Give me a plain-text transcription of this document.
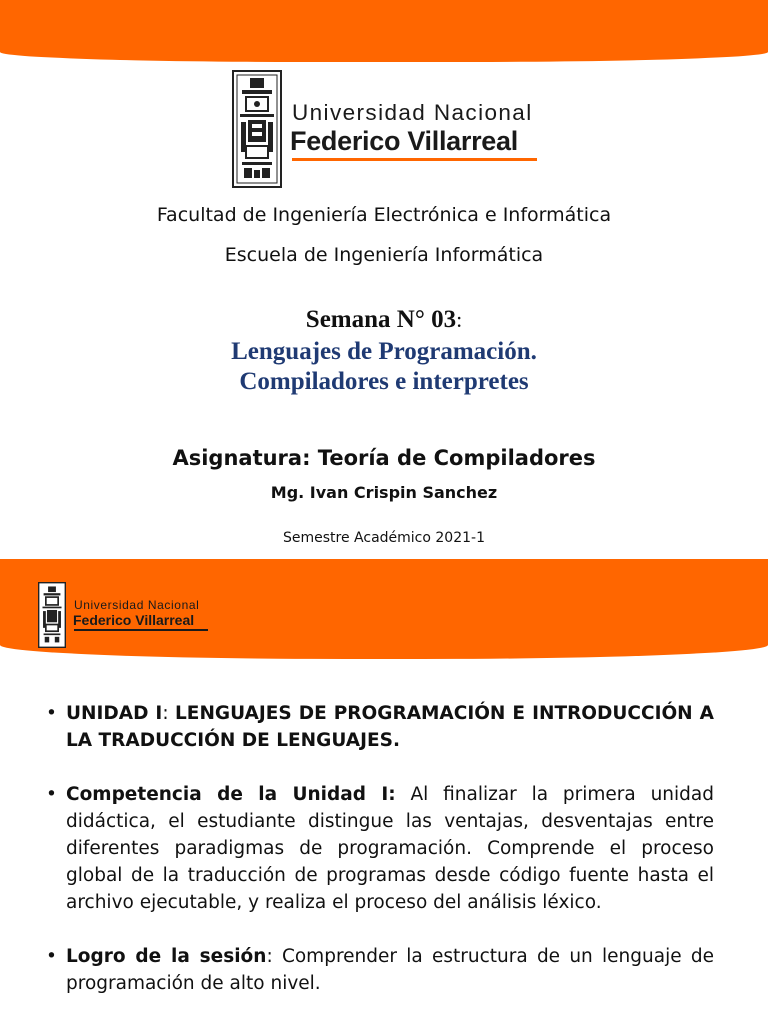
Universidad Nacional
Federico Villarreal
Facultad de Ingeniería Electrónica e Informática
Escuela de Ingeniería Informática
Semana N° 03:
Lenguajes de Programación.
Compiladores e interpretes
Asignatura: Teoría de Compiladores
Mg. Ivan Crispin Sanchez
Semestre Académico 2021-1
Universidad Nacional
Federico Villarreal
• UNIDAD I: LENGUAJES DE PROGRAMACIÓN E INTRODUCCIÓN A LA TRADUCCIÓN DE LENGUAJES.
• Competencia de la Unidad I: Al finalizar la primera unidad didáctica, el estudiante distingue las ventajas, desventajas entre diferentes paradigmas de programación. Comprende el proceso global de la traducción de programas desde código fuente hasta el archivo ejecutable, y realiza el proceso del análisis léxico.
• Logro de la sesión: Comprender la estructura de un lenguaje de programación de alto nivel.
